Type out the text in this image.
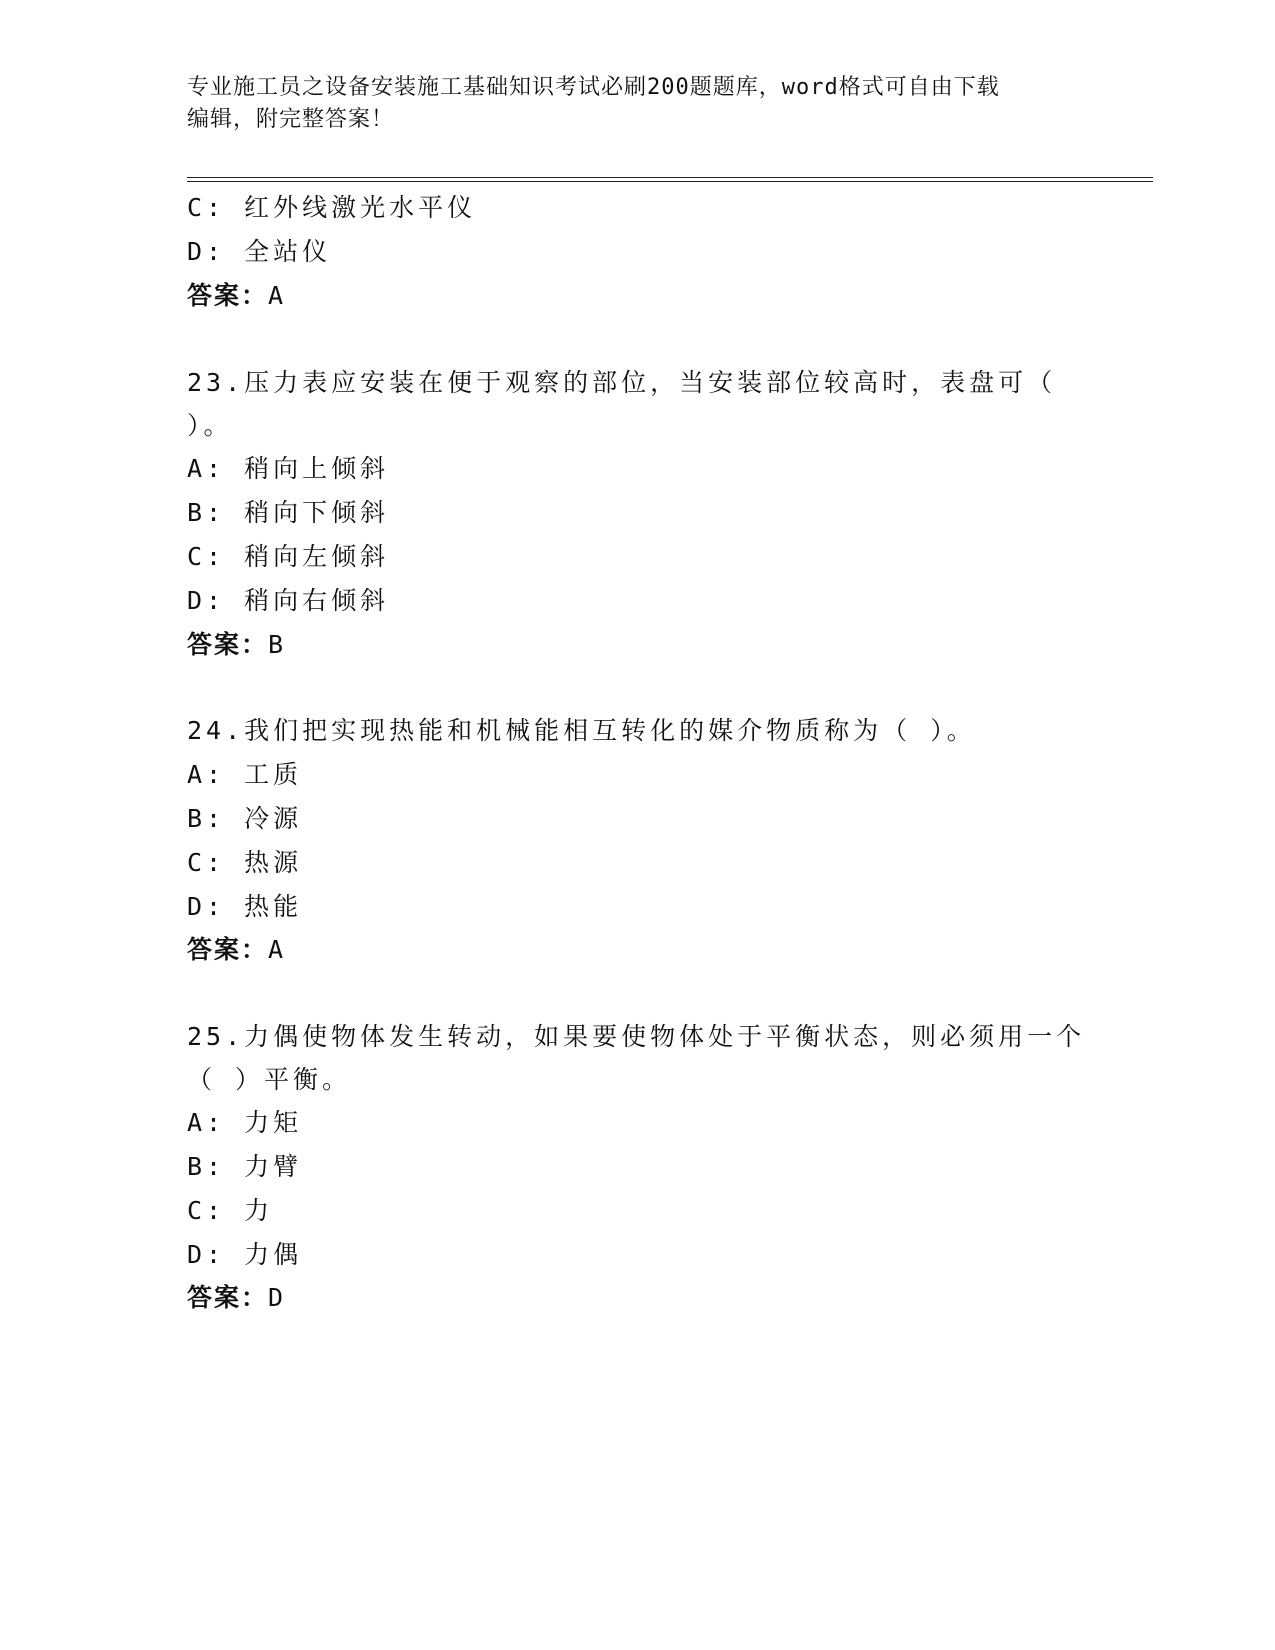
专业施工员之设备安装施工基础知识考试必刷200题题库，word格式可自由下载
编辑，附完整答案！
C: 红外线激光水平仪
D: 全站仪
答案：A
23.压力表应安装在便于观察的部位，当安装部位较高时，表盘可（
）。
A: 稍向上倾斜
B: 稍向下倾斜
C: 稍向左倾斜
D: 稍向右倾斜
答案：B
24.我们把实现热能和机械能相互转化的媒介物质称为（ ）。
A: 工质
B: 冷源
C: 热源
D: 热能
答案：A
25.力偶使物体发生转动，如果要使物体处于平衡状态，则必须用一个
（ ）平衡。
A: 力矩
B: 力臂
C: 力
D: 力偶
答案：D
